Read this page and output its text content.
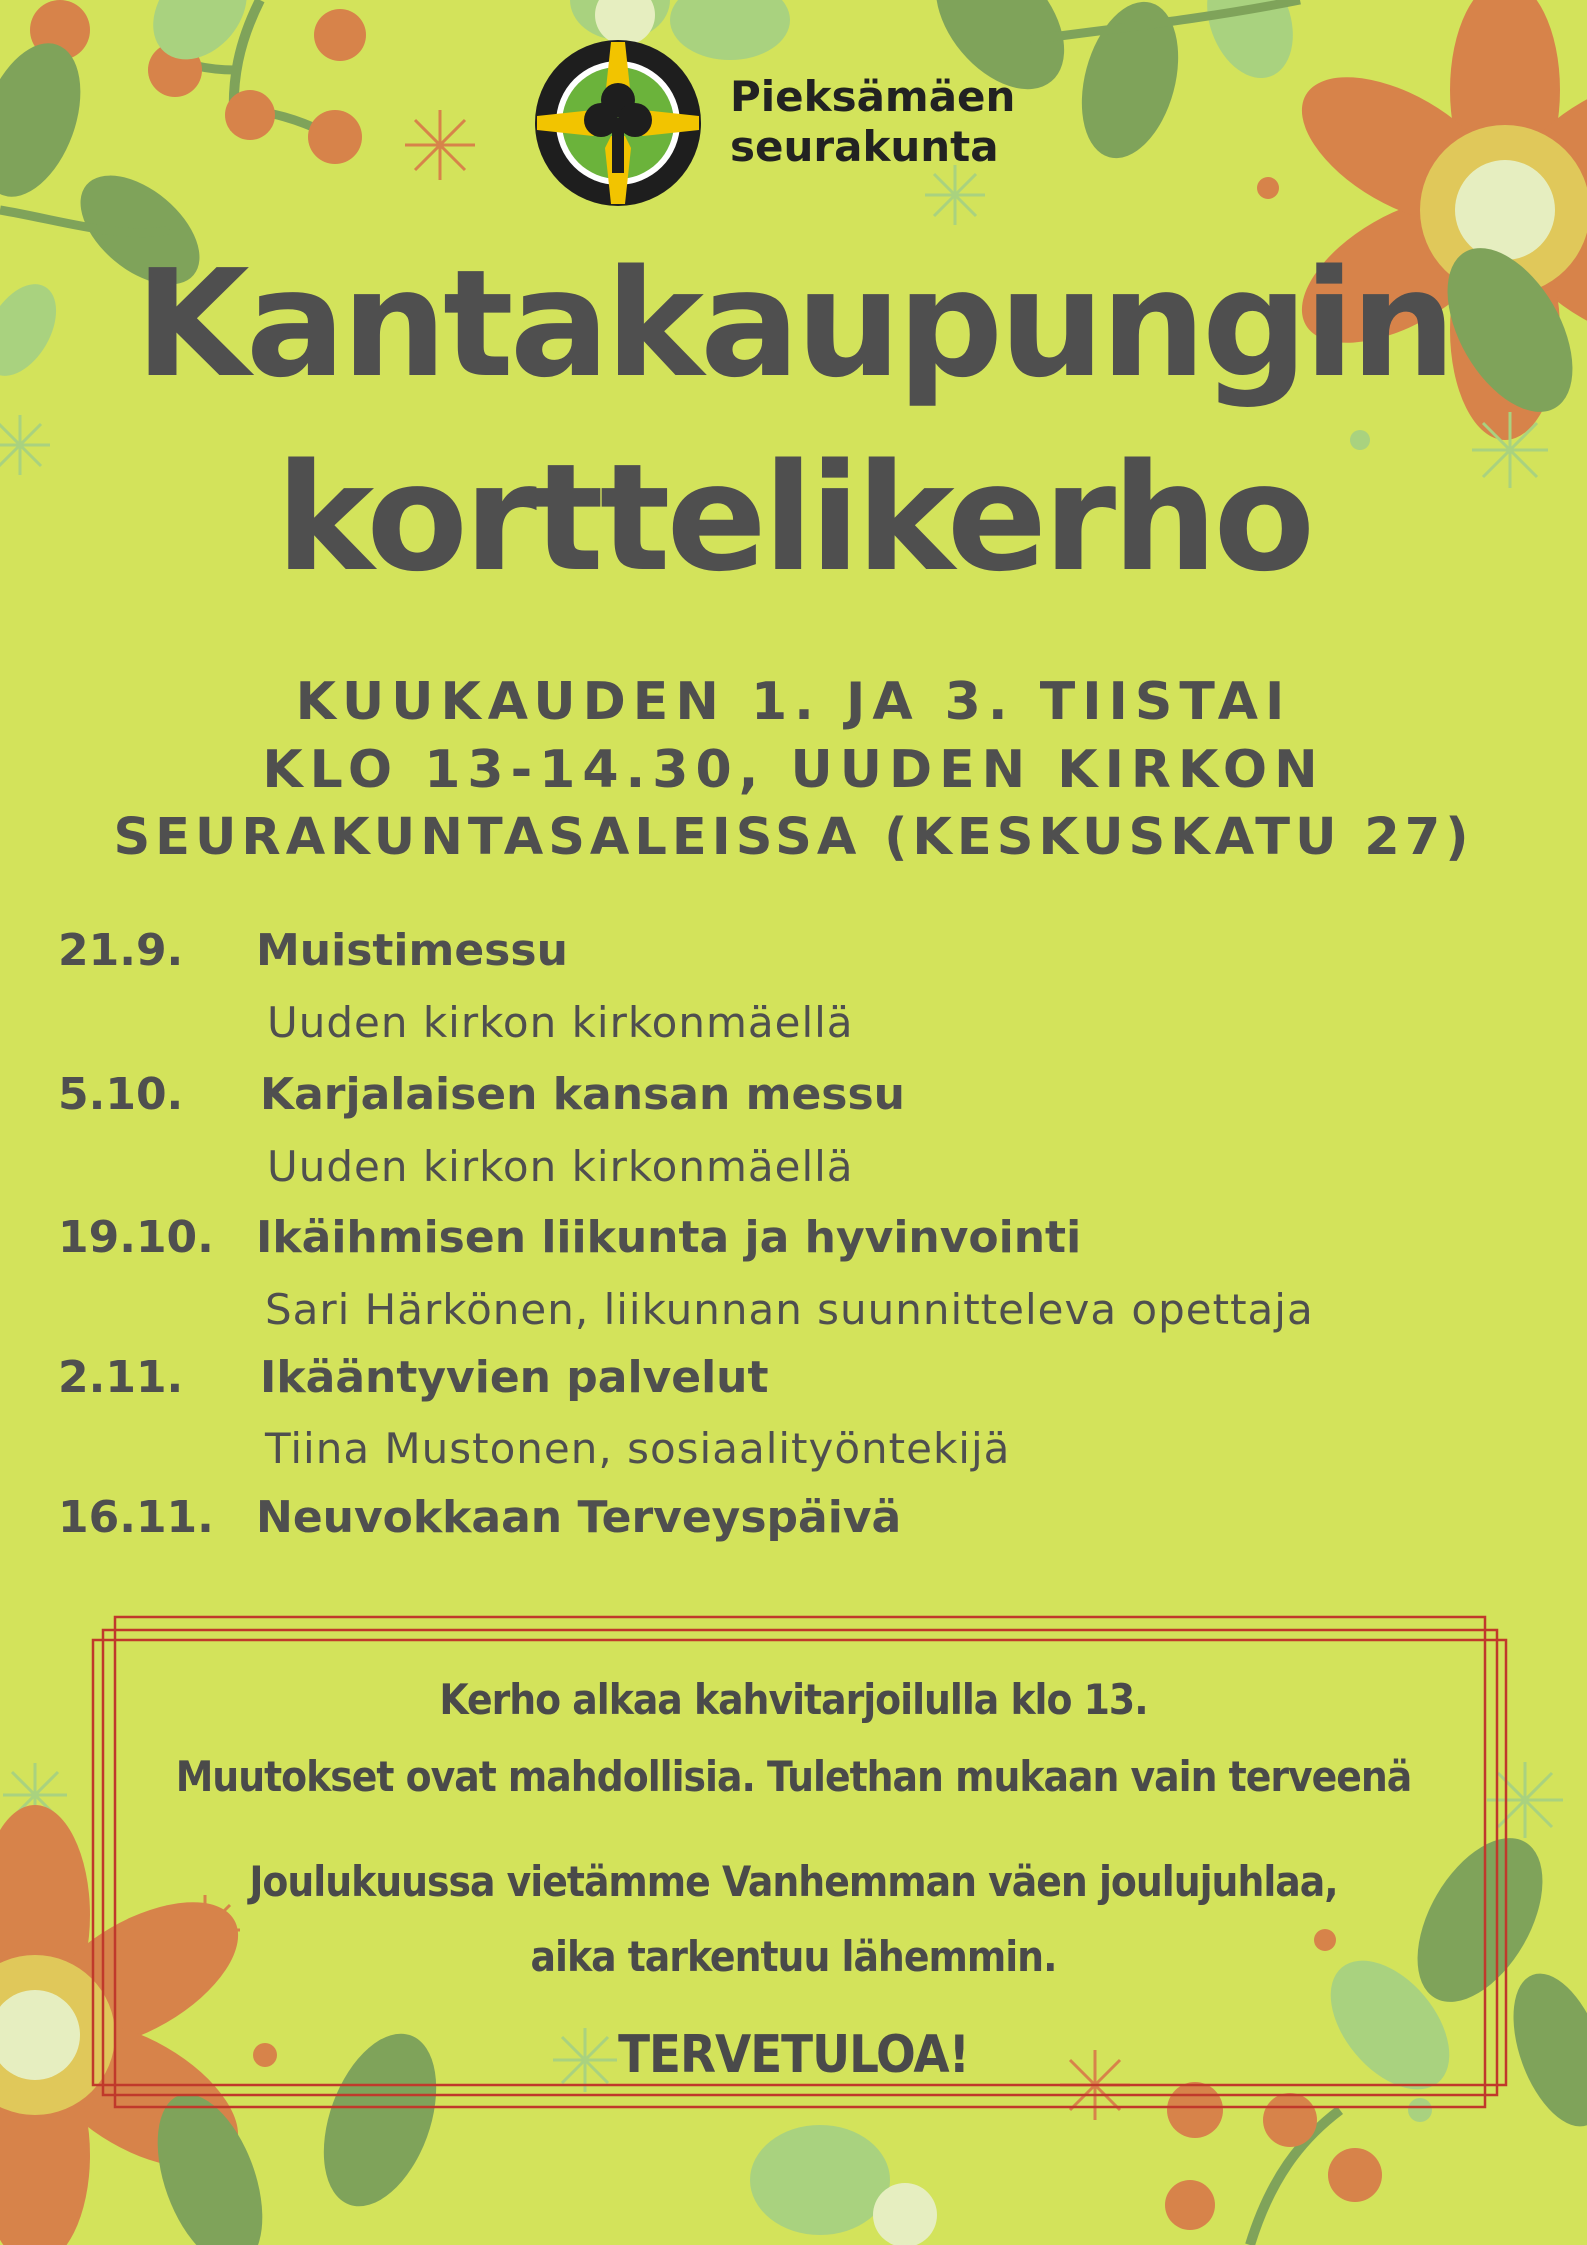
Pieksämäen
seurakunta
Kantakaupungin
korttelikerho
KUUKAUDEN 1. JA 3. TIISTAI
KLO 13-14.30, UUDEN KIRKON
SEURAKUNTASALEISSA (KESKUSKATU 27)
21.9. Muistimessu
Uuden kirkon kirkonmäellä
5.10. Karjalaisen kansan messu
Uuden kirkon kirkonmäellä
19.10. Ikäihmisen liikunta ja hyvinvointi
Sari Härkönen, liikunnan suunnitteleva opettaja
2.11. Ikääntyvien palvelut
Tiina Mustonen, sosiaalityöntekijä
16.11. Neuvokkaan Terveyspäivä
Kerho alkaa kahvitarjoilulla klo 13.
Muutokset ovat mahdollisia. Tulethan mukaan vain terveenä
Joulukuussa vietämme Vanhemman väen joulujuhlaa,
aika tarkentuu lähemmin.
TERVETULOA!
